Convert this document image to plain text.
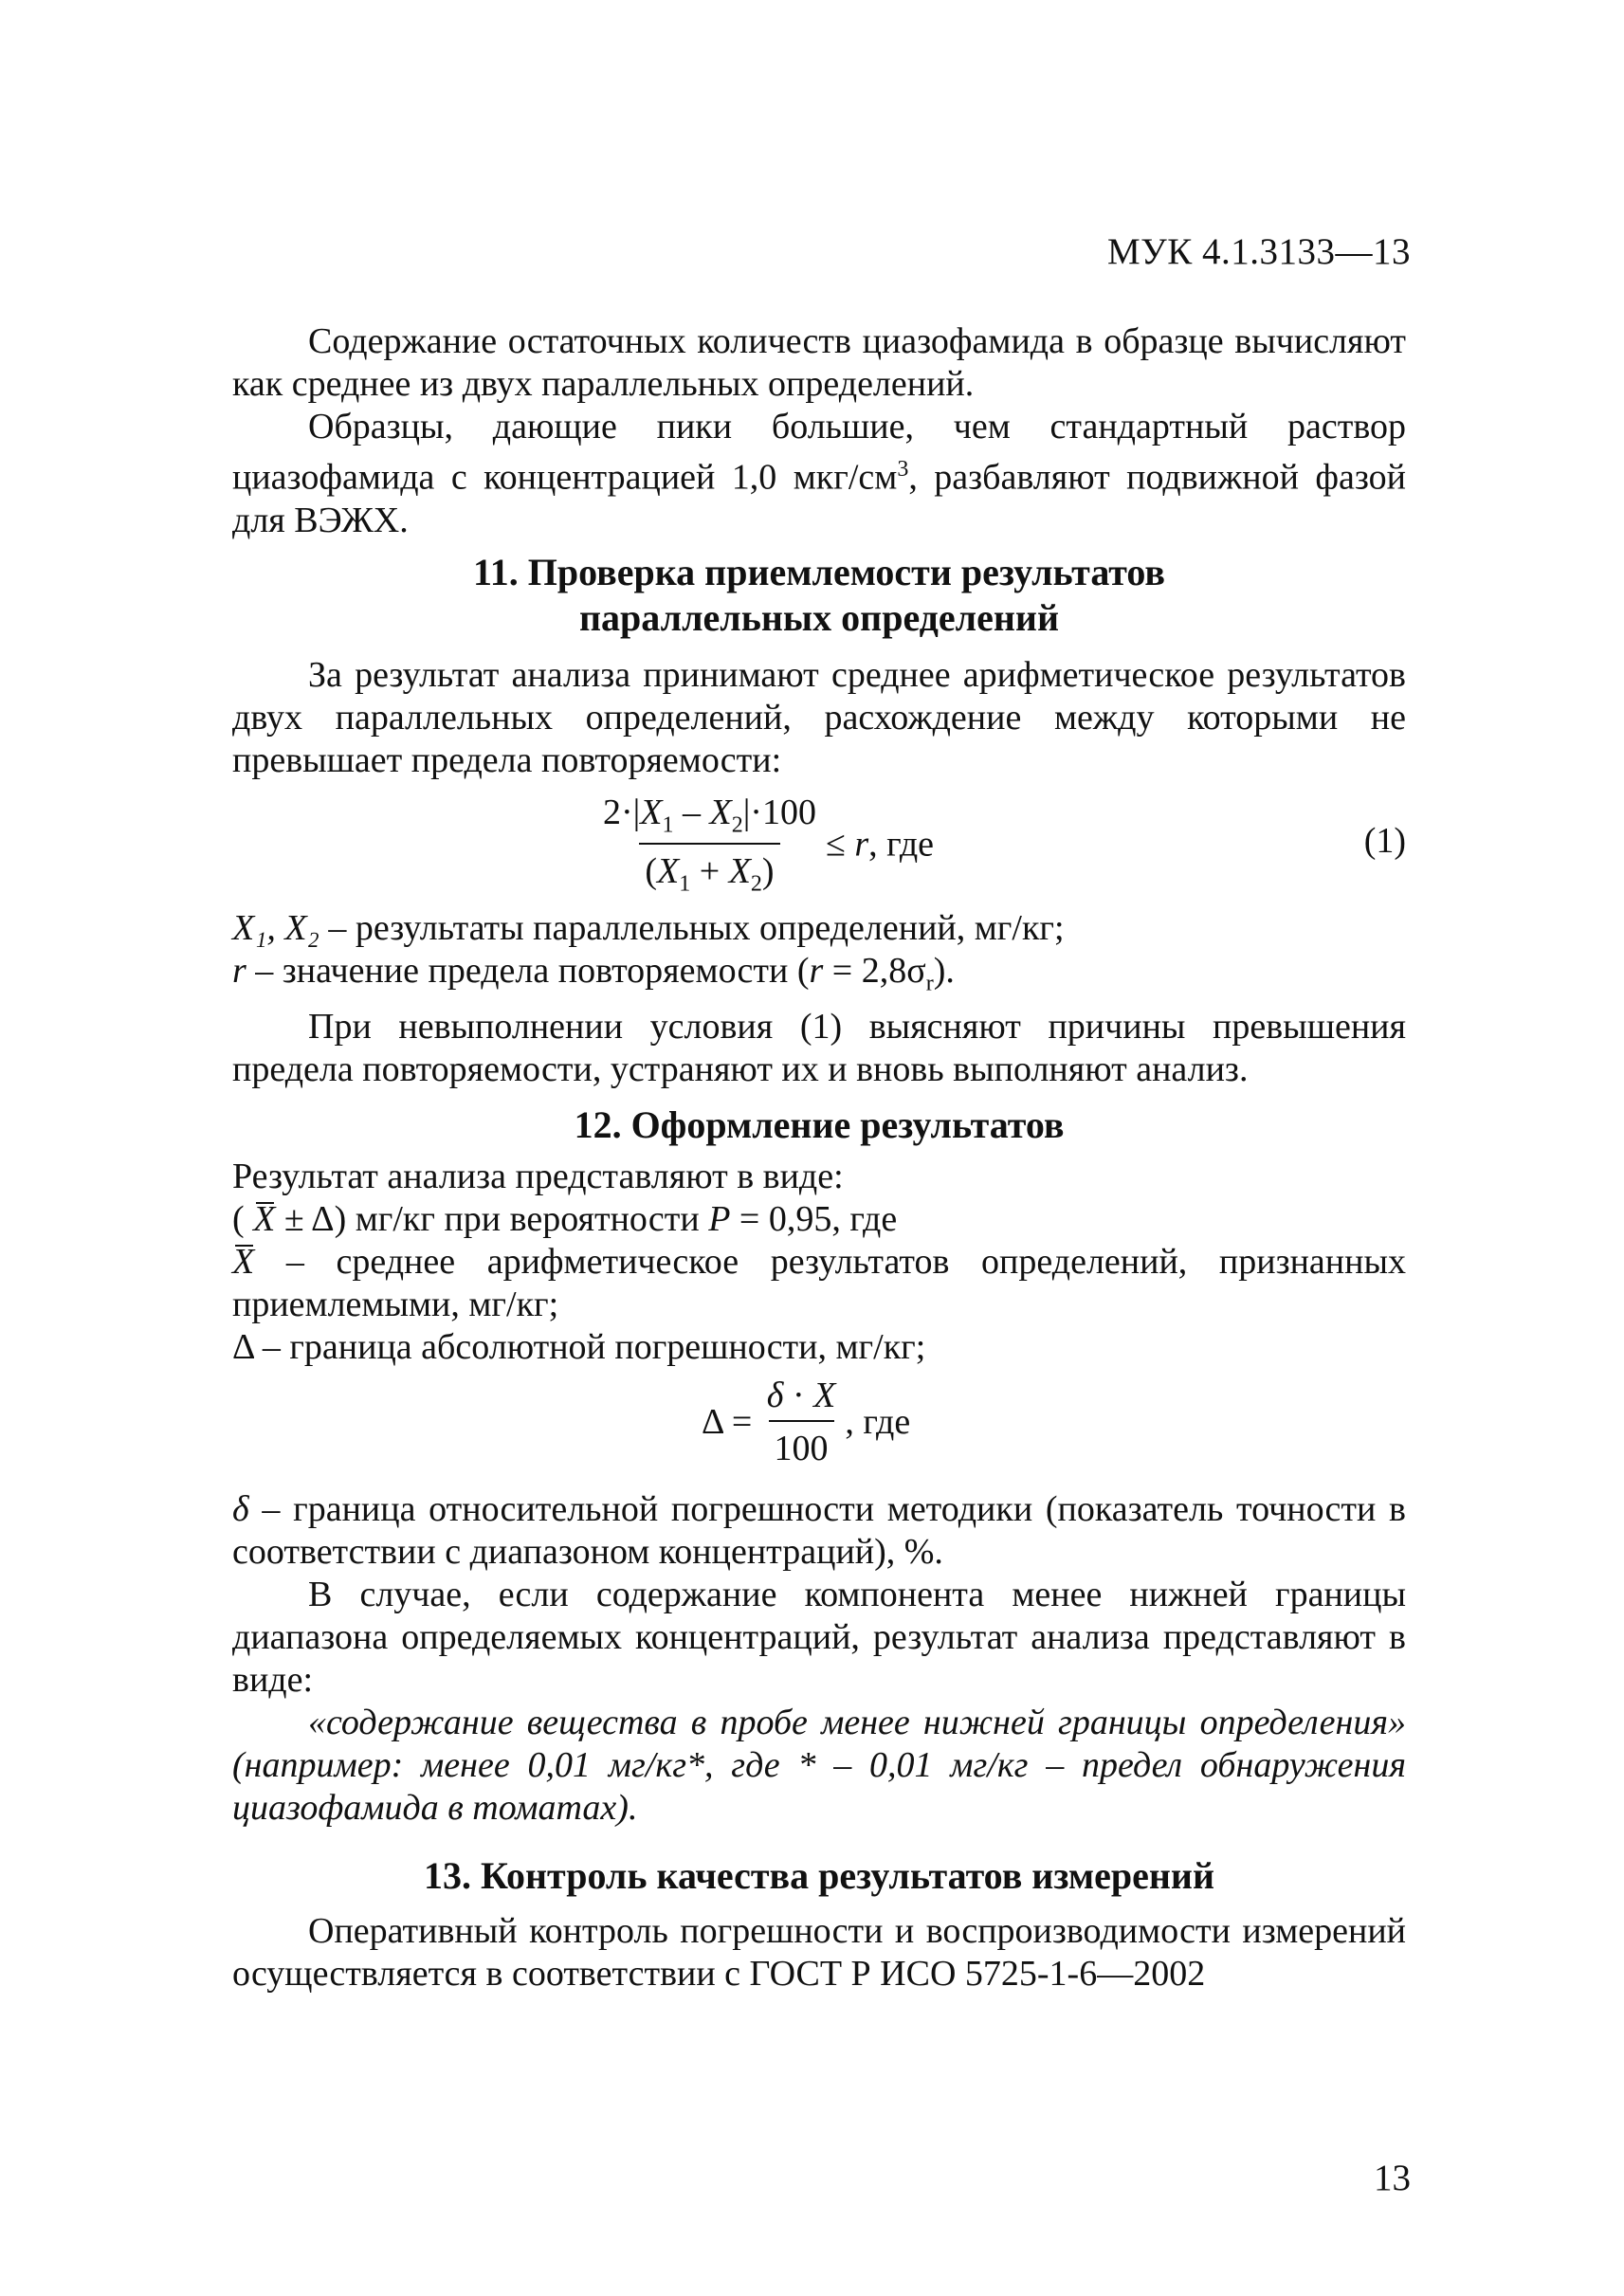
МУК 4.1.3133—13

Содержание остаточных количеств циазофамида в образце вычисляют как среднее из двух параллельных определений.

Образцы, дающие пики большие, чем стандартный раствор циазофамида с концентрацией 1,0 мкг/$см^3$, разбавляют подвижной фазой для ВЭЖХ.

11. Проверка приемлемости результатов

параллельных определений

За результат анализа принимают среднее арифметическое результатов двух параллельных определений, расхождение между которыми не превышает предела повторяемости:

$\frac{2\cdot|X_1 - X_2|\cdot 100}{(X_1 + X_2)} \le r$, где	(1)

X₁, X₂ – результаты параллельных определений, мг/кг;

r – значение предела повторяемости $(r = 2,8\sigma_r)$.

При невыполнении условия (1) выясняют причины превышения предела повторяемости, устраняют их и вновь выполняют анализ.

12. Оформление результатов

Результат анализа представляют в виде:

( X ± Δ) мг/кг при вероятности P = 0,95, где

X – среднее арифметическое результатов определений, признанных приемлемыми, мг/кг;

Δ – граница абсолютной погрешности, мг/кг;

$\Delta = \frac{\delta \cdot X}{100}$ , где

δ – граница относительной погрешности методики (показатель точности в соответствии с диапазоном концентраций), %.

В случае, если содержание компонента менее нижней границы диапазона определяемых концентраций, результат анализа представляют в виде:

«содержание вещества в пробе менее нижней границы определения» (например: менее 0,01 мг/кг*, где * – 0,01 мг/кг – предел обнаружения циазофамида в томатах).

13. Контроль качества результатов измерений

Оперативный контроль погрешности и воспроизводимости измерений осуществляется в соответствии с ГОСТ Р ИСО 5725-1-6—2002

13
